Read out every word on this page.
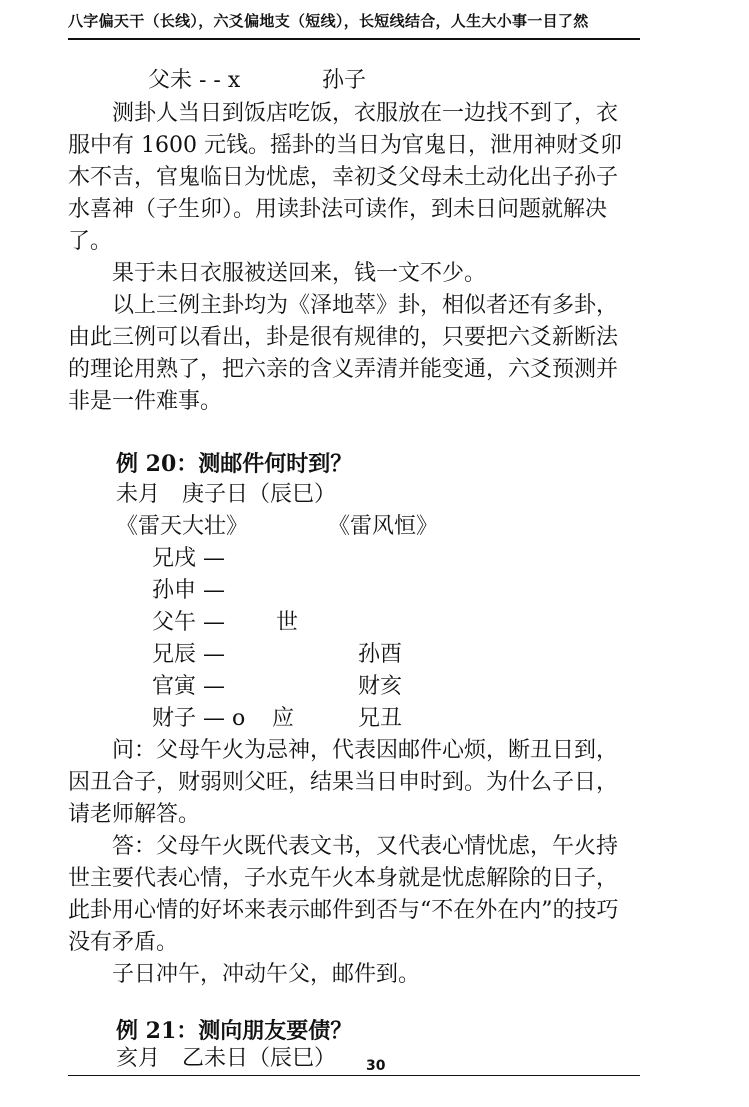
八字偏天干（长线），六爻偏地支（短线），长短线结合，人生大小事一目了然
父未 - - x	孙子

测卦人当日到饭店吃饭，衣服放在一边找不到了，衣服中有 1600 元钱。摇卦的当日为官鬼日，泄用神财爻卯木不吉，官鬼临日为忧虑，幸初爻父母未土动化出子孙子水喜神（子生卯）。用读卦法可读作，到未日问题就解决了。

果于未日衣服被送回来，钱一文不少。

以上三例主卦均为《泽地萃》卦，相似者还有多卦，由此三例可以看出，卦是很有规律的，只要把六爻新断法的理论用熟了，把六亲的含义弄清并能变通，六爻预测并非是一件难事。

例 20：测邮件何时到？
未月　庚子日（辰巳）
《雷天大壮》	《雷风恒》
兄戌 —
孙申 —
父午 — 世
兄辰 —	孙酉
官寅 —	财亥
财子 — o 应	兄丑

问：父母午火为忌神，代表因邮件心烦，断丑日到，因丑合子，财弱则父旺，结果当日申时到。为什么子日，请老师解答。

答：父母午火既代表文书，又代表心情忧虑，午火持世主要代表心情，子水克午火本身就是忧虑解除的日子，此卦用心情的好坏来表示邮件到否与“不在外在内”的技巧没有矛盾。

子日冲午，冲动午父，邮件到。

例 21：测向朋友要债？
亥月　乙未日（辰巳） 30
